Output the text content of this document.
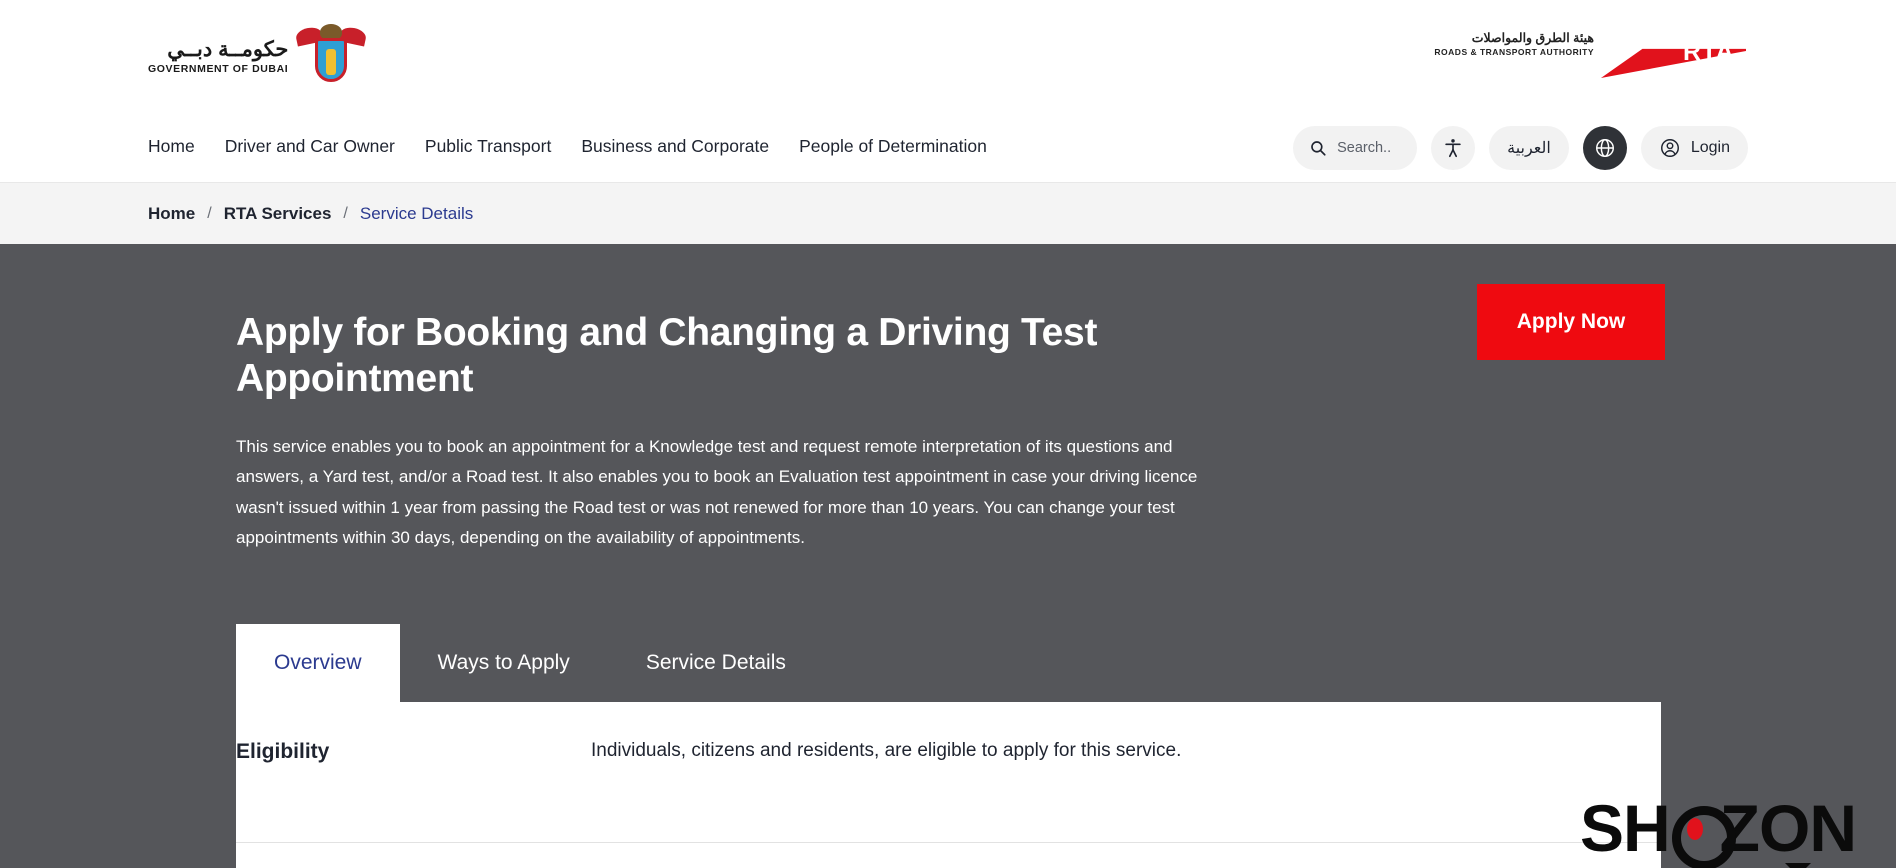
حكومــة دبــي
GOVERNMENT OF DUBAI
هيئة الطرق والمواصلات
ROADS & TRANSPORT AUTHORITY	RTA
Home Driver and Car Owner Public Transport Business and Corporate People of Determination	Search..	العربية	Login
Home / RTA Services / Service Details
Apply for Booking and Changing a Driving Test Appointment

This service enables you to book an appointment for a Knowledge test and request remote interpretation of its questions and answers, a Yard test, and/or a Road test. It also enables you to book an Evaluation test appointment in case your driving licence wasn't issued within 1 year from passing the Road test or was not renewed for more than 10 years. You can change your test appointments within 30 days, depending on the availability of appointments.

Apply Now
Overview	Ways to Apply	Service Details
Eligibility	Individuals, citizens and residents, are eligible to apply for this service.
SH ZON
